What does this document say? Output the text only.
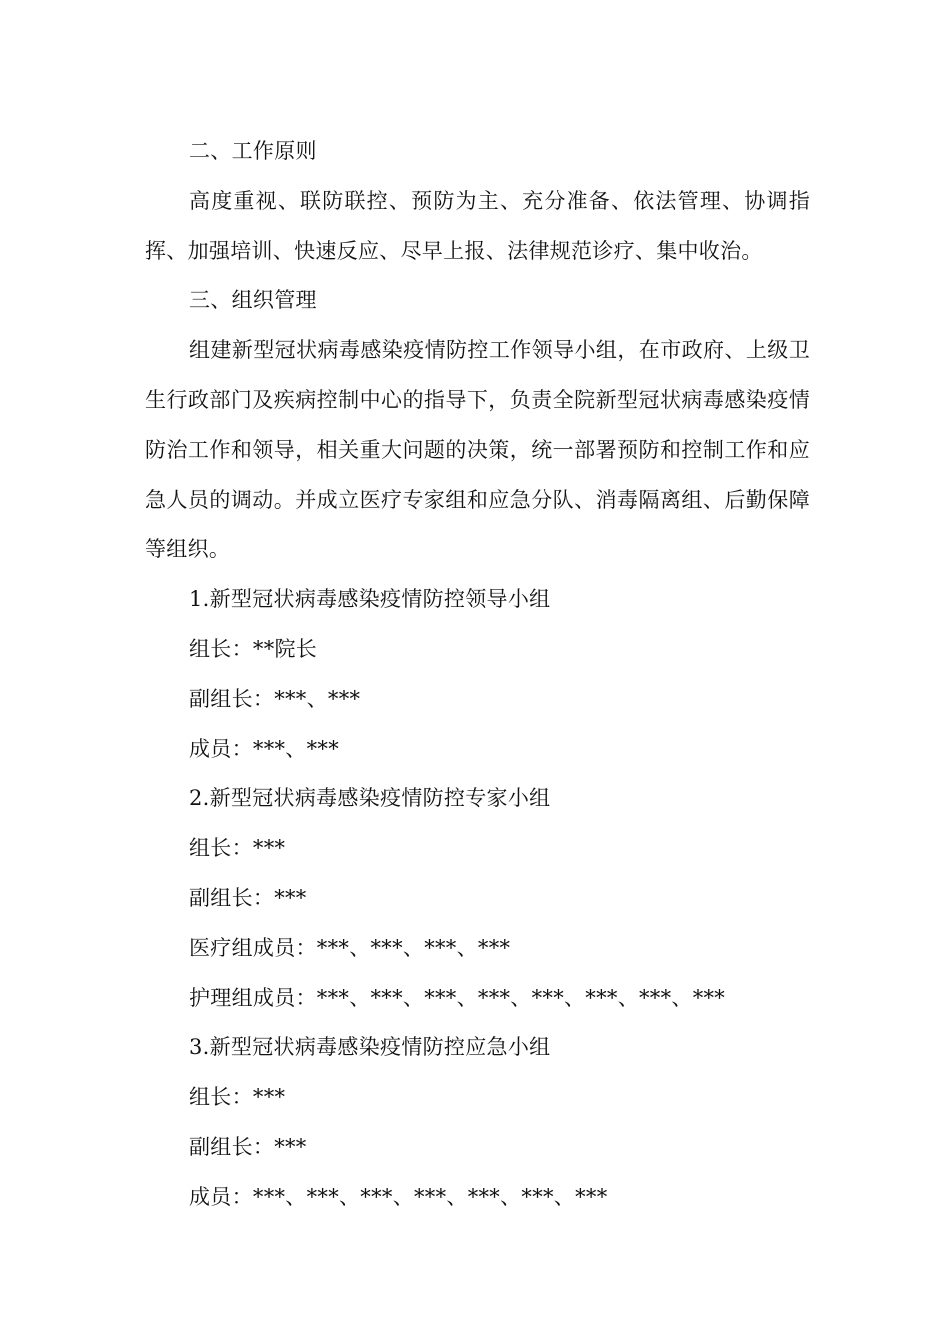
二、工作原则
高度重视、联防联控、预防为主、充分准备、依法管理、协调指挥、加强培训、快速反应、尽早上报、法律规范诊疗、集中收治。
三、组织管理
组建新型冠状病毒感染疫情防控工作领导小组，在市政府、上级卫生行政部门及疾病控制中心的指导下，负责全院新型冠状病毒感染疫情防治工作和领导，相关重大问题的决策，统一部署预防和控制工作和应急人员的调动。并成立医疗专家组和应急分队、消毒隔离组、后勤保障等组织。
1.新型冠状病毒感染疫情防控领导小组
组长：**院长
副组长：***、***
成员：***、***
2.新型冠状病毒感染疫情防控专家小组
组长：***
副组长：***
医疗组成员：***、***、***、***
护理组成员：***、***、***、***、***、***、***、***
3.新型冠状病毒感染疫情防控应急小组
组长：***
副组长：***
成员：***、***、***、***、***、***、***
